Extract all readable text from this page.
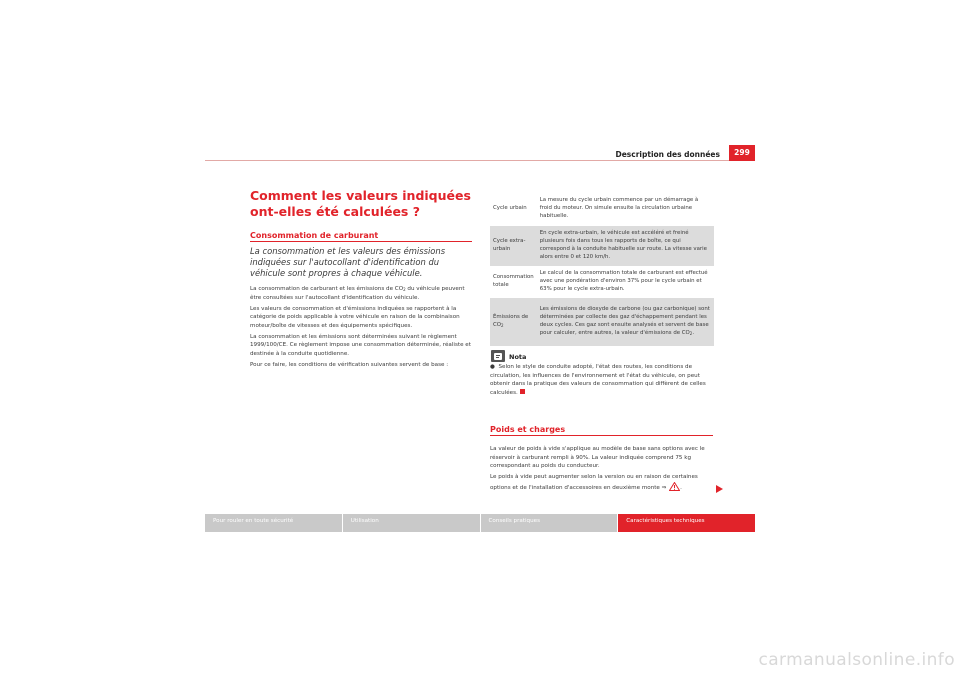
Description des données	299
Comment les valeurs indiquées ont-elles été calculées ?
Consommation de carburant
La consommation et les valeurs des émissions indiquées sur l'autocollant d'identification du véhicule sont propres à chaque véhicule.

La consommation de carburant et les émissions de $CO_2$ du véhicule peuvent être consultées sur l'autocollant d'identification du véhicule.

Les valeurs de consommation et d'émissions indiquées se rapportent à la catégorie de poids applicable à votre véhicule en raison de la combinaison moteur/boîte de vitesses et des équipements spécifiques.

La consommation et les émissions sont déterminées suivant le règlement 1999/100/CE. Ce règlement impose une consommation déterminée, réaliste et destinée à la conduite quotidienne.

Pour ce faire, les conditions de vérification suivantes servent de base :

Cycle urbain	La mesure du cycle urbain commence par un démarrage à froid du moteur. On simule ensuite la circulation urbaine habituelle.
Cycle extra-urbain	En cycle extra-urbain, le véhicule est accéléré et freiné plusieurs fois dans tous les rapports de boîte, ce qui correspond à la conduite habituelle sur route. La vitesse varie alors entre 0 et 120 km/h.
Consommation totale	Le calcul de la consommation totale de carburant est effectué avec une pondération d'environ 37% pour le cycle urbain et 63% pour le cycle extra-urbain.
Émissions de $CO_2$	Les émissions de dioxyde de carbone (ou gaz carbonique) sont déterminées par collecte des gaz d'échappement pendant les deux cycles. Ces gaz sont ensuite analysés et servent de base pour calculer, entre autres, la valeur d'émissions de $CO_2$.
Nota
● Selon le style de conduite adopté, l'état des routes, les conditions de circulation, les influences de l'environnement et l'état du véhicule, on peut obtenir dans la pratique des valeurs de consommation qui diffèrent de celles calculées.
Poids et charges

La valeur de poids à vide s'applique au modèle de base sans options avec le réservoir à carburant rempli à 90%. La valeur indiquée comprend 75 kg correspondant au poids du conducteur.

Le poids à vide peut augmenter selon la version ou en raison de certaines options et de l'installation d'accessoires en deuxième monte ⇒ .

Pour rouler en toute sécurité	Utilisation	Conseils pratiques	Caractéristiques techniques
carmanualsonline.info
